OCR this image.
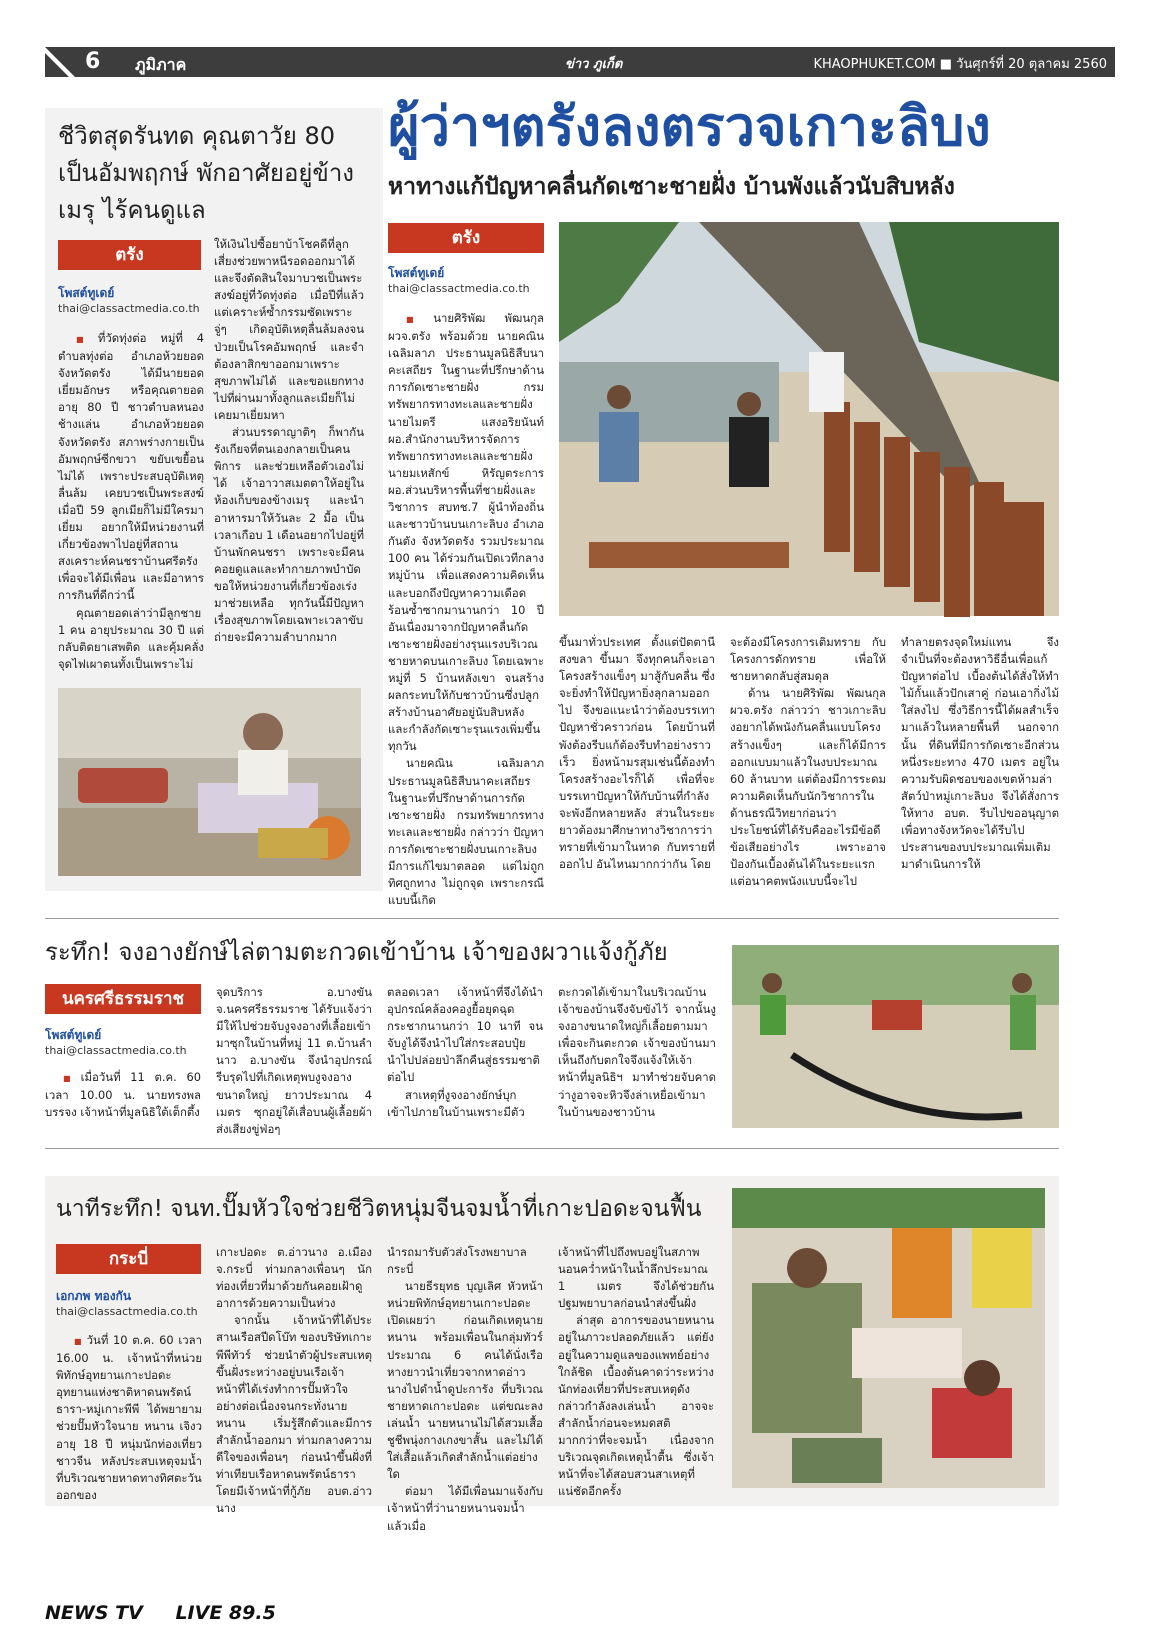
6 ภูมิภาค	ข่าว ภูเก็ต	KHAOPHUKET.COM ■ วันศุกร์ที่ 20 ตุลาคม 2560
ชีวิตสุดรันทด คุณตาวัย 80 เป็นอัมพฤกษ์ พักอาศัยอยู่ข้างเมรุ ไร้คนดูแล
ตรัง
โพสต์ทูเดย์
thai@classactmedia.co.th

■ ที่วัดทุ่งต่อ หมู่ที่ 4 ตำบลทุ่งต่อ อำเภอห้วยยอด จังหวัดตรัง ได้มีนายยอด เยี่ยมอักษร หรือคุณตายอด อายุ 80 ปี ชาวตำบลหนองช้างแล่น อำเภอห้วยยอด จังหวัดตรัง สภาพร่างกายเป็นอัมพฤกษ์ซีกขวา ขยับเขยื้อนไม่ได้ เพราะประสบอุบัติเหตุลื่นล้ม เคยบวชเป็นพระสงฆ์เมื่อปี 59 ลูกเมียก็ไม่มีใครมาเยี่ยม อยากให้มีหน่วยงานที่เกี่ยวข้องพาไปอยู่ที่สถานสงเคราะห์คนชราบ้านศรีตรัง เพื่อจะได้มีเพื่อน และมีอาหารการกินที่ดีกว่านี้

คุณตายอดเล่าว่ามีลูกชาย 1 คน อายุประมาณ 30 ปี แต่กลับติดยาเสพติด และคุ้มคลั่ง จุดไฟเผาตนทั้งเป็นเพราะไม่

ให้เงินไปซื้อยาบ้าโชคดีที่ลูกเสี่ยงช่วยพาหนีรอดออกมาได้ และจึงตัดสินใจมาบวชเป็นพระสงฆ์อยู่ที่วัดทุ่งต่อ เมื่อปีที่แล้ว แต่เคราะห์ซ้ำกรรมซัดเพราะจู่ๆ เกิดอุบัติเหตุลื่นล้มลงจนป่วยเป็นโรคอัมพฤกษ์ และจำต้องลาสิกขาออกมาเพราะสุขภาพไม่ได้ และขอแยกทางไปที่ผ่านมาทั้งลูกและเมียก็ไม่เคยมาเยี่ยมหา

ส่วนบรรดาญาติๆ ก็พากันรังเกียจที่ตนเองกลายเป็นคนพิการ และช่วยเหลือตัวเองไม่ได้ เจ้าอาวาสเมตตาให้อยู่ในห้องเก็บของข้างเมรุ และนำอาหารมาให้วันละ 2 มื้อ เป็นเวลาเกือบ 1 เดือนอยากไปอยู่ที่บ้านพักคนชรา เพราะจะมีคนคอยดูแลและทำกายภาพบำบัด ขอให้หน่วยงานที่เกี่ยวข้องเร่งมาช่วยเหลือ ทุกวันนี้มีปัญหาเรื่องสุขภาพโดยเฉพาะเวลาขับถ่ายจะมีความลำบากมาก

ผู้ว่าฯตรังลงตรวจเกาะลิบง
หาทางแก้ปัญหาคลื่นกัดเซาะชายฝั่ง บ้านพังแล้วนับสิบหลัง
ตรัง
โพสต์ทูเดย์
thai@classactmedia.co.th

■ นายศิริพัฒ พัฒนกุล ผวจ.ตรัง พร้อมด้วย นายคณิน เฉลิมลาภ ประธานมูลนิธิสืบนาคะเสถียร ในฐานะที่ปรึกษาด้านการกัดเซาะชายฝั่ง กรมทรัพยากรทางทะเลและชายฝั่ง นายไมตรี แสงอริยนันท์ ผอ.สำนักงานบริหารจัดการทรัพยากรทางทะเลและชายฝั่ง นายมเหสักข์ หิรัญตระการ ผอ.ส่วนบริหารพื้นที่ชายฝั่งและวิชาการ สบทช.7 ผู้นำท้องถิ่น และชาวบ้านบนเกาะลิบง อำเภอกันตัง จังหวัดตรัง รวมประมาณ 100 คน ได้ร่วมกันเปิดเวทีกลางหมู่บ้าน เพื่อแสดงความคิดเห็นและบอกถึงปัญหาความเดือดร้อนซ้ำซากมานานกว่า 10 ปี อันเนื่องมาจากปัญหาคลื่นกัดเซาะชายฝั่งอย่างรุนแรงบริเวณชายหาดบนเกาะลิบง โดยเฉพาะหมู่ที่ 5 บ้านหลังเขา จนสร้างผลกระทบให้กับชาวบ้านซึ่งปลูกสร้างบ้านอาศัยอยู่นับสิบหลัง และกำลังกัดเซาะรุนแรงเพิ่มขึ้นทุกวัน

นายคณิน เฉลิมลาภ ประธานมูลนิธิสืบนาคะเสถียร ในฐานะที่ปรึกษาด้านการกัดเซาะชายฝั่ง กรมทรัพยากรทางทะเลและชายฝั่ง กล่าวว่า ปัญหาการกัดเซาะชายฝั่งบนเกาะลิบง มีการแก้ไขมาตลอด แต่ไม่ถูกทิศถูกทาง ไม่ถูกจุด เพราะกรณีแบบนี้เกิด

ขึ้นมาทั่วประเทศ ตั้งแต่ปัตตานี สงขลา ขึ้นมา จึงทุกคนก็จะเอาโครงสร้างแข็งๆ มาสู้กับคลื่น ซึ่งจะยิ่งทำให้ปัญหายิ่งลุกลามออกไป จึงขอแนะนำว่าต้องบรรเทาปัญหาชั่วคราวก่อน โดยบ้านที่พังต้องรีบแก้ต้องรีบทำอย่างราวเร็ว ยิ่งหน้ามรสุมเช่นนี้ต้องทำโครงสร้างอะไรก็ได้ เพื่อที่จะบรรเทาปัญหาให้กับบ้านที่กำลังจะพังอีกหลายหลัง ส่วนในระยะยาวต้องมาศึกษาทางวิชาการว่าทรายที่เข้ามาในหาด กับทรายที่ออกไป อันไหนมากกว่ากัน โดย

จะต้องมีโครงการเติมทราย กับโครงการดักทราย เพื่อให้ชายหาดกลับสู่สมดุล

ด้าน นายศิริพัฒ พัฒนกุล ผวจ.ตรัง กล่าวว่า ชาวเกาะลิบงอยากได้พนังกันคลื่นแบบโครงสร้างแข็งๆ และก็ได้มีการออกแบบมาแล้วในงบประมาณ 60 ล้านบาท แต่ต้องมีการระดมความคิดเห็นกับนักวิชาการในด้านธรณีวิทยาก่อนว่า ประโยชน์ที่ได้รับคืออะไรมีข้อดีข้อเสียอย่างไร เพราะอาจป้องกันเบื้องต้นได้ในระยะแรก แต่อนาคตพนังแบบนี้จะไป

ทำลายตรงจุดใหม่แทน จึงจำเป็นที่จะต้องหาวิธีอื่นเพื่อแก้ปัญหาต่อไป เบื้องต้นได้สั่งให้ทำไม้กั้นแล้วปักเสาคู่ ก่อนเอากิ่งไม้ใส่ลงไป ซึ่งวิธีการนี้ได้ผลสำเร็จมาแล้วในหลายพื้นที่ นอกจากนั้น ที่ดินที่มีการกัดเซาะอีกส่วนหนึ่งระยะทาง 470 เมตร อยู่ในความรับผิดชอบของเขตห้ามล่าสัตว์ป่าหมู่เกาะลิบง จึงได้สั่งการให้ทาง อบต. รีบไปขออนุญาต เพื่อทางจังหวัดจะได้รีบไปประสานของบประมาณเพิ่มเติมมาดำเนินการให้

ระทึก! จงอางยักษ์ไล่ตามตะกวดเข้าบ้าน เจ้าของผวาแจ้งกู้ภัย
นครศรีธรรมราช
โพสต์ทูเดย์
thai@classactmedia.co.th

■ เมื่อวันที่ 11 ต.ค. 60 เวลา 10.00 น. นายทรงพล บรรจง เจ้าหน้าที่มูลนิธิใต้เต็กตึ้ง

จุดบริการ อ.บางขัน จ.นครศรีธรรมราช ได้รับแจ้งว่ามีให้ไปช่วยจับงูจงอางที่เลื้อยเข้ามาซุกในบ้านที่หมู่ 11 ต.บ้านลำนาว อ.บางขัน จึงนำอุปกรณ์รีบรุดไปที่เกิดเหตุพบงูจงอางขนาดใหญ่ ยาวประมาณ 4 เมตร ซุกอยู่ใต้เสื่อบนผู้เลื้อยผ้า ส่งเสียงขู่ฟ่อๆ

ตลอดเวลา เจ้าหน้าที่จึงได้นำอุปกรณ์คล้องคองูยื้อยุดฉุดกระชากนานกว่า 10 นาที จนจับงูได้จึงนำไปใส่กระสอบปุ๋ย นำไปปล่อยป่าลึกคืนสู่ธรรมชาติต่อไป

สาเหตุที่งูจงอางยักษ์บุกเข้าไปภายในบ้านเพราะมีตัว

ตะกวดได้เข้ามาในบริเวณบ้าน เจ้าของบ้านจึงจับขังไว้ จากนั้นงูจงอางขนาดใหญ่ก็เลื้อยตามมาเพื่อจะกินตะกวด เจ้าของบ้านมาเห็นถึงกับตกใจจึงแจ้งให้เจ้าหน้าที่มูลนิธิฯ มาทำช่วยจับคาดว่างูอาจจะหิวจึงล่าเหยื่อเข้ามาในบ้านของชาวบ้าน

นาทีระทึก! จนท.ปั๊มหัวใจช่วยชีวิตหนุ่มจีนจมน้ำที่เกาะปอดะจนฟื้น
กระบี่
เอกภพ ทองกัน
thai@classactmedia.co.th

■ วันที่ 10 ต.ค. 60 เวลา 16.00 น. เจ้าหน้าที่หน่วยพิทักษ์อุทยานเกาะปอดะ อุทยานแห่งชาติหาดนพรัตน์ธารา-หมู่เกาะพีพี ได้พยายามช่วยปั๊มหัวใจนาย หนาน เจิงว อายุ 18 ปี หนุ่มนักท่องเที่ยวชาวจีน หลังประสบเหตุจมน้ำที่บริเวณชายหาดทางทิศตะวันออกของ

เกาะปอดะ ต.อ่าวนาง อ.เมือง จ.กระบี่ ท่ามกลางเพื่อนๆ นักท่องเที่ยวที่มาด้วยกันคอยเฝ้าดูอาการด้วยความเป็นห่วง

จากนั้น เจ้าหน้าที่ได้ประสานเรือสปีดโบ๊ท ของบริษัทเกาะพีพีทัวร์ ช่วยนำตัวผู้ประสบเหตุขึ้นฝั่งระหว่างอยู่บนเรือเจ้าหน้าที่ได้เร่งทำการปั๊มหัวใจ อย่างต่อเนื่องจนกระทั่งนายหนาน เริ่มรู้สึกตัวและมีการสำลักน้ำออกมา ท่ามกลางความดีใจของเพื่อนๆ ก่อนนำขึ้นฝั่งที่ท่าเทียบเรือหาดนพรัตน์ธารา โดยมีเจ้าหน้าที่กู้ภัย อบต.อ่าวนาง

นำรถมารับตัวส่งโรงพยาบาลกระบี่

นายธีรยุทธ บุญเลิศ หัวหน้าหน่วยพิทักษ์อุทยานเกาะปอดะ เปิดเผยว่า ก่อนเกิดเหตุนายหนาน พร้อมเพื่อนในกลุ่มทัวร์ ประมาณ 6 คนได้นั่งเรือหางยาวนำเที่ยวจากหาดอ่าวนางไปดำน้ำดูปะการัง ที่บริเวณชายหาดเกาะปอดะ แต่ขณะลงเล่นน้ำ นายหนานไม่ได้สวมเสื้อชูชีพนุ่งกางเกงขาสั้น และไม่ได้ใส่เสื้อแล้วเกิดสำลักน้ำแต่อย่างใด

ต่อมา ได้มีเพื่อนมาแจ้งกับเจ้าหน้าที่ว่านายหนานจมน้ำแล้วเมื่อ

เจ้าหน้าที่ไปถึงพบอยู่ในสภาพนอนคว่ำหน้าในน้ำลึกประมาณ 1 เมตร จึงได้ช่วยกันปฐมพยาบาลก่อนนำส่งขึ้นฝั่ง

ล่าสุด อาการของนายหนานอยู่ในภาวะปลอดภัยแล้ว แต่ยังอยู่ในความดูแลของแพทย์อย่างใกล้ชิด เบื้องต้นคาดว่าระหว่างนักท่องเที่ยวที่ประสบเหตุดังกล่าวกำลังลงเล่นน้ำ อาจจะสำลักน้ำก่อนจะหมดสติ มากกว่าที่จะจมน้ำ เนื่องจากบริเวณจุดเกิดเหตุน้ำตื้น ซึ่งเจ้าหน้าที่จะได้สอบสวนสาเหตุที่แน่ชัดอีกครั้ง

NEWS TV LIVE 89.5
